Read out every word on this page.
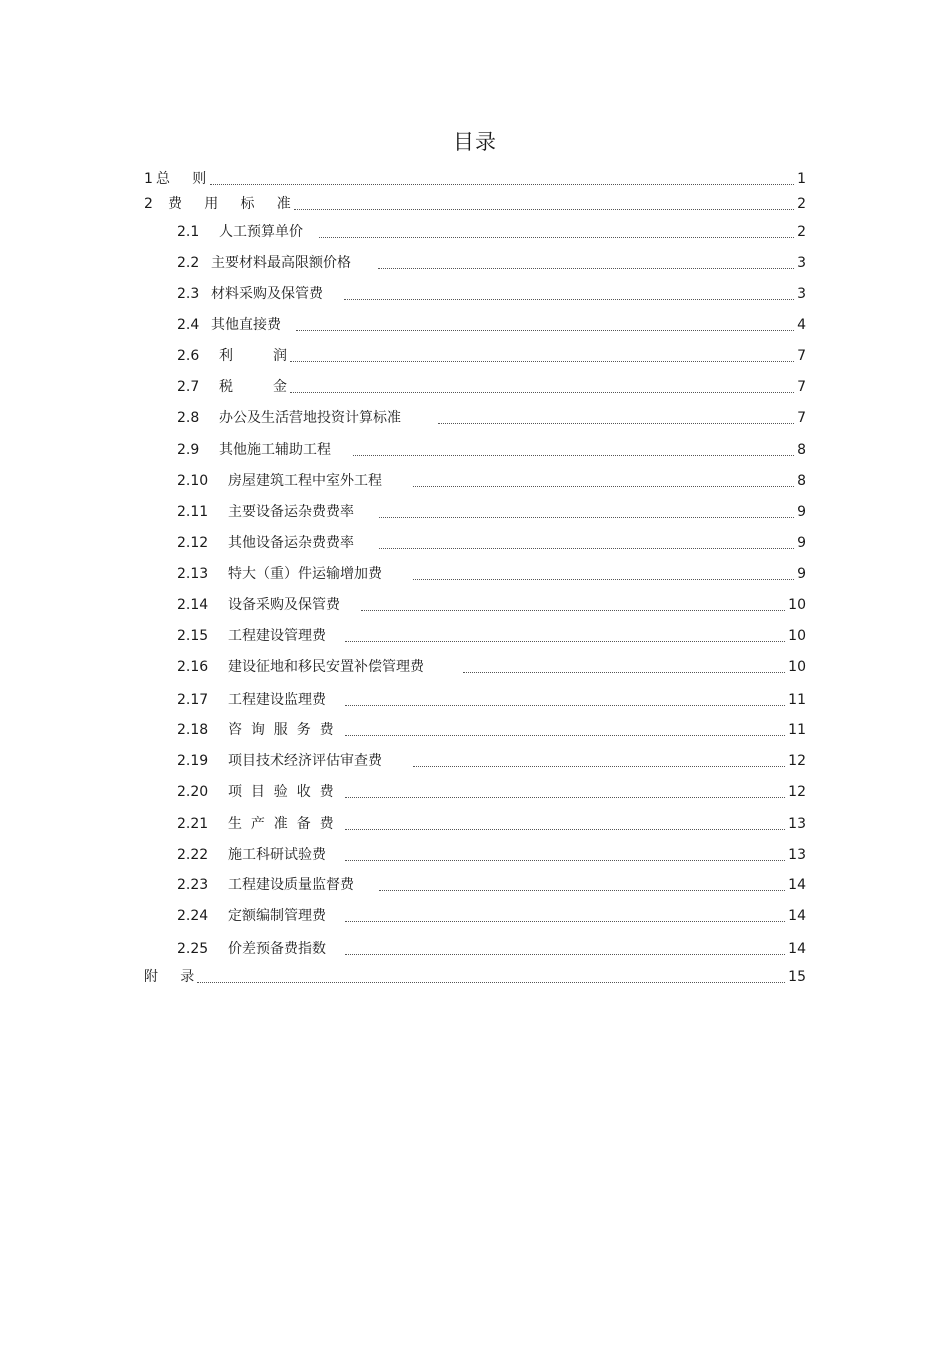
目录
1 总     则	1
2	费     用     标     准	2
2.1	人工预算单价	2
2.2 主要材料最高限额价格	3
2.3 材料采购及保管费	3
2.4 其他直接费	4
2.6	利         润	7
2.7	税         金	7
2.8	办公及生活营地投资计算标准	7
2.9	其他施工辅助工程	8
2.10	房屋建筑工程中室外工程	8
2.11	主要设备运杂费费率	9
2.12	其他设备运杂费费率	9
2.13	特大（重）件运输增加费	9
2.14	设备采购及保管费	10
2.15	工程建设管理费	10
2.16	建设征地和移民安置补偿管理费	10
2.17	工程建设监理费	11
2.18	咨  询  服  务  费	11
2.19	项目技术经济评估审查费	12
2.20	项  目  验  收  费	12
2.21	生  产  准  备  费	13
2.22	施工科研试验费	13
2.23	工程建设质量监督费	14
2.24	定额编制管理费	14
2.25	价差预备费指数	14
附     录	15
